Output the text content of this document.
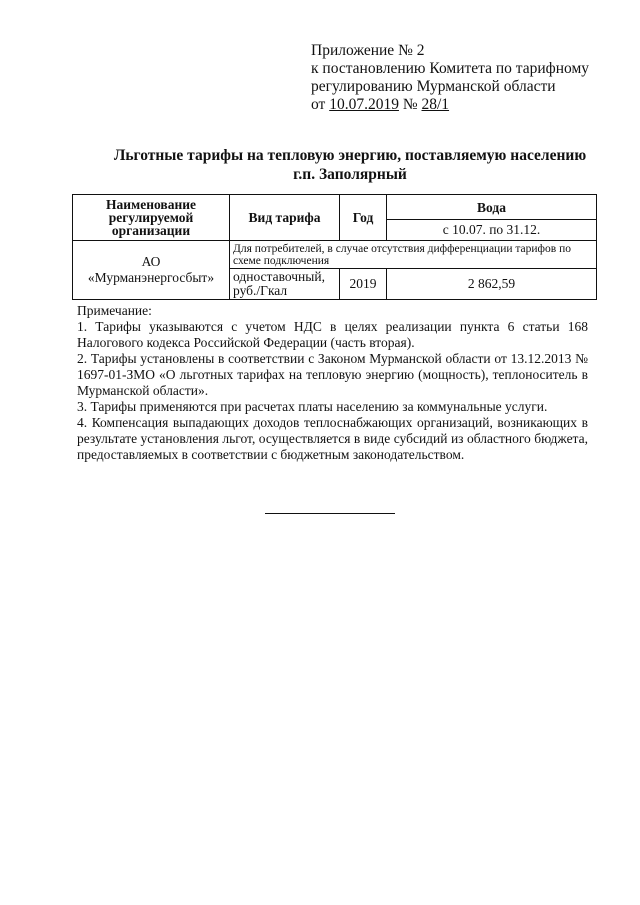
Приложение № 2
к постановлению Комитета по тарифному
регулированию Мурманской области
от 10.07.2019 № 28/1
Льготные тарифы на тепловую энергию, поставляемую населению
г.п. Заполярный
Наименование регулируемой организации	Вид тарифа	Год	Вода
			с 10.07. по 31.12.

АО
«Мурманэнергосбыт»	Для потребителей, в случае отсутствия дифференциации тарифов по схеме подключения		
	одноставочный, руб./Гкал	2019	2 862,59

Примечание:

1. Тарифы указываются с учетом НДС в целях реализации пункта 6 статьи 168 Налогового кодекса Российской Федерации (часть вторая).

2. Тарифы установлены в соответствии с Законом Мурманской области от 13.12.2013 № 1697-01-ЗМО «О льготных тарифах на тепловую энергию (мощность), теплоноситель в Мурманской области».

3. Тарифы применяются при расчетах платы населению за коммунальные услуги.

4. Компенсация выпадающих доходов теплоснабжающих организаций, возникающих в результате установления льгот, осуществляется в виде субсидий из областного бюджета, предоставляемых в соответствии с бюджетным законодательством.
